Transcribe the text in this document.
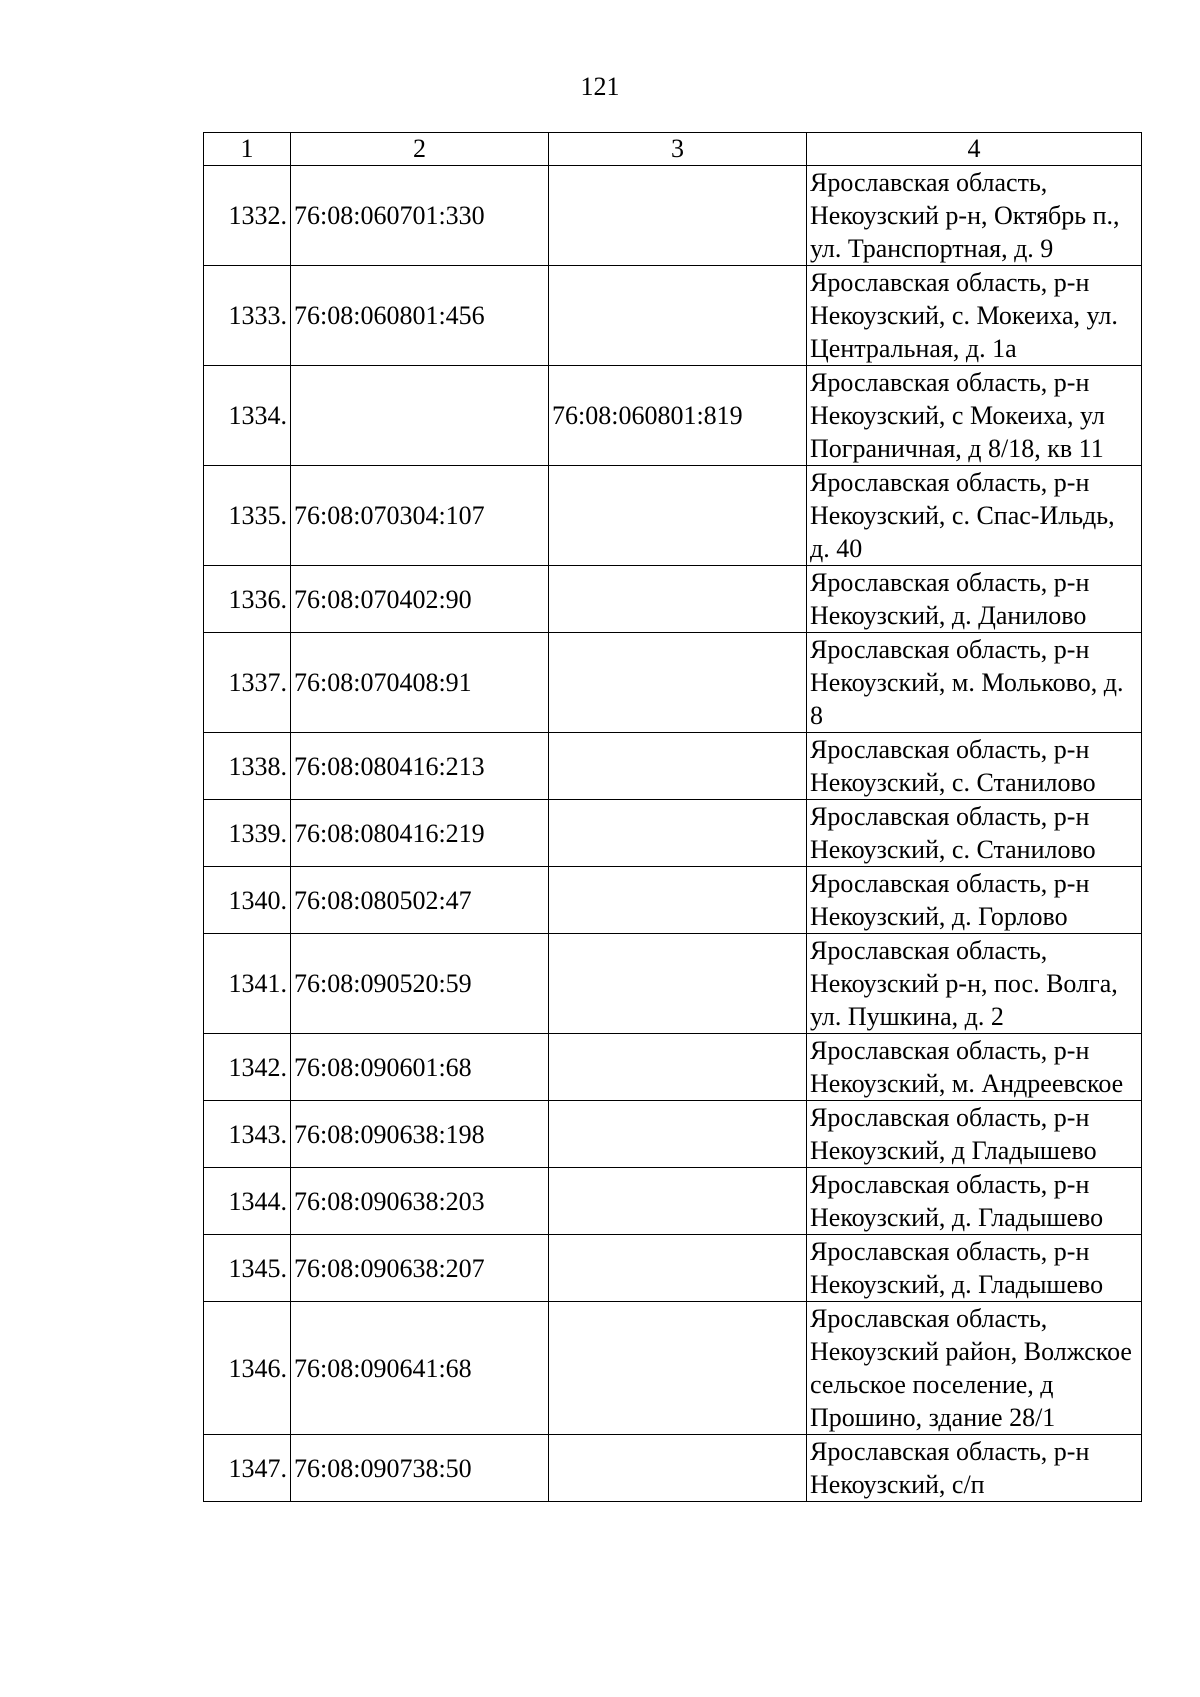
121
1	2	3	4
1332.	76:08:060701:330		Ярославская область, Некоузский р-н, Октябрь п., ул. Транспортная, д. 9
1333.	76:08:060801:456		Ярославская область, р-н Некоузский, с. Мокеиха, ул. Центральная, д. 1а
1334.		76:08:060801:819	Ярославская область, р-н Некоузский, с Мокеиха, ул Пограничная, д 8/18, кв 11
1335.	76:08:070304:107		Ярославская область, р-н Некоузский, с. Спас-Ильдь, д. 40
1336.	76:08:070402:90		Ярославская область, р-н Некоузский, д. Данилово
1337.	76:08:070408:91		Ярославская область, р-н Некоузский, м. Мольково, д. 8
1338.	76:08:080416:213		Ярославская область, р-н Некоузский, с. Станилово
1339.	76:08:080416:219		Ярославская область, р-н Некоузский, с. Станилово
1340.	76:08:080502:47		Ярославская область, р-н Некоузский, д. Горлово
1341.	76:08:090520:59		Ярославская область, Некоузский р-н, пос. Волга, ул. Пушкина, д. 2
1342.	76:08:090601:68		Ярославская область, р-н Некоузский, м. Андреевское
1343.	76:08:090638:198		Ярославская область, р-н Некоузский, д Гладышево
1344.	76:08:090638:203		Ярославская область, р-н Некоузский, д. Гладышево
1345.	76:08:090638:207		Ярославская область, р-н Некоузский, д. Гладышево
1346.	76:08:090641:68		Ярославская область, Некоузский район, Волжское сельское поселение, д Прошино, здание 28/1
1347.	76:08:090738:50		Ярославская область, р-н Некоузский, с/п
